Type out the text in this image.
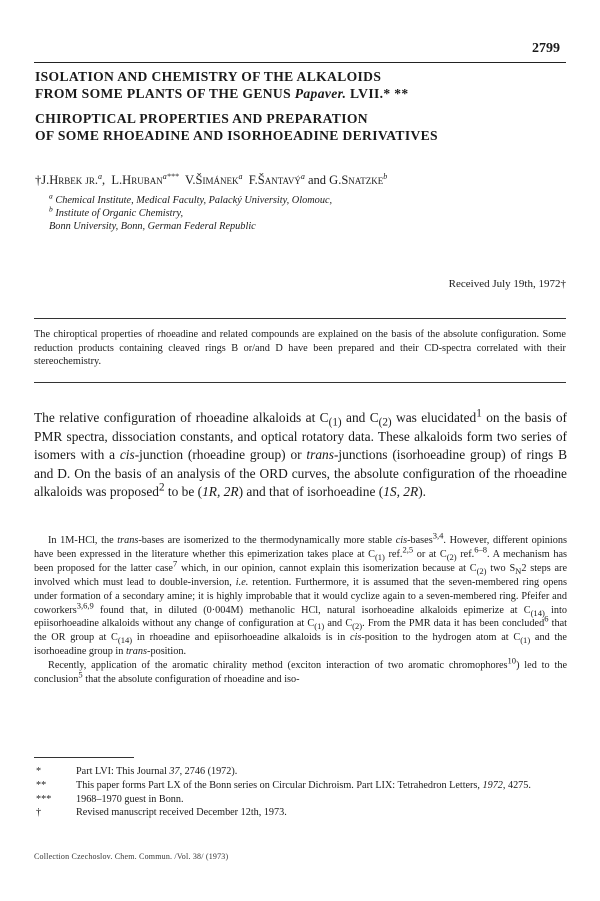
2799
ISOLATION AND CHEMISTRY OF THE ALKALOIDS
FROM SOME PLANTS OF THE GENUS Papaver. LVII.* **
CHIROPTICAL PROPERTIES AND PREPARATION
OF SOME RHOEADINE AND ISORHOEADINE DERIVATIVES
†J.Hrbek jr.$^a$,  L.Hruban$^{a***}$ V.Šimánek$^a$ F.Šantavý$^a$ and G.Snatzke$^b$
$^a$ Chemical Institute, Medical Faculty, Palacký University, Olomouc,
$^b$ Institute of Organic Chemistry,
Bonn University, Bonn, German Federal Republic
Received July 19th, 1972†
The chiroptical properties of rhoeadine and related compounds are explained on the basis of the absolute configuration. Some reduction products containing cleaved rings B or/and D have been prepared and their CD-spectra correlated with their stereochemistry.
The relative configuration of rhoeadine alkaloids at $C_{(1)}$ and $C_{(2)}$ was elucidated$^1$ on the basis of PMR spectra, dissociation constants, and optical rotatory data. These alkaloids form two series of isomers with a cis-junction (rhoeadine group) or trans-junctions (isorhoeadine group) of rings B and D. On the basis of an analysis of the ORD curves, the absolute configuration of the rhoeadine alkaloids was proposed$^2$ to be (1R, 2R) and that of isorhoeadine (1S, 2R).

In 1M-HCl, the trans-bases are isomerized to the thermodynamically more stable cis-bases$^{3,4}$. However, different opinions have been expressed in the literature whether this epimerization takes place at $C_{(1)}$ ref.$^{2,5}$ or at $C_{(2)}$ ref.$^{6-8}$. A mechanism has been proposed for the latter case$^7$ which, in our opinion, cannot explain this isomerization because at $C_{(2)}$ two $S_N2$ steps are involved which must lead to double-inversion, i.e. retention. Furthermore, it is assumed that the seven-membered ring opens under formation of a secondary amine; it is highly improbable that it would cyclize again to a seven-membered ring. Pfeifer and coworkers$^{3,6,9}$ found that, in diluted (0·004M) methanolic HCl, natural isorhoeadine alkaloids epimerize at $C_{(14)}$ into epiisorhoeadine alkaloids without any change of configuration at $C_{(1)}$ and $C_{(2)}$. From the PMR data it has been concluded$^6$ that the OR group at $C_{(14)}$ in rhoeadine and epiisorhoeadine alkaloids is in cis-position to the hydrogen atom at $C_{(1)}$ and the isorhoeadine group in trans-position.

Recently, application of the aromatic chirality method (exciton interaction of two aromatic chromophores$^{10}$) led to the conclusion$^5$ that the absolute configuration of rhoeadine and iso-

*	Part LVI: This Journal 37, 2746 (1972).
**	This paper forms Part LX of the Bonn series on Circular Dichroism. Part LIX: Tetrahedron Letters, 1972, 4275.
***	1968–1970 guest in Bonn.
†	Revised manuscript received December 12th, 1973.
Collection Czechoslov. Chem. Commun. /Vol. 38/ (1973)
